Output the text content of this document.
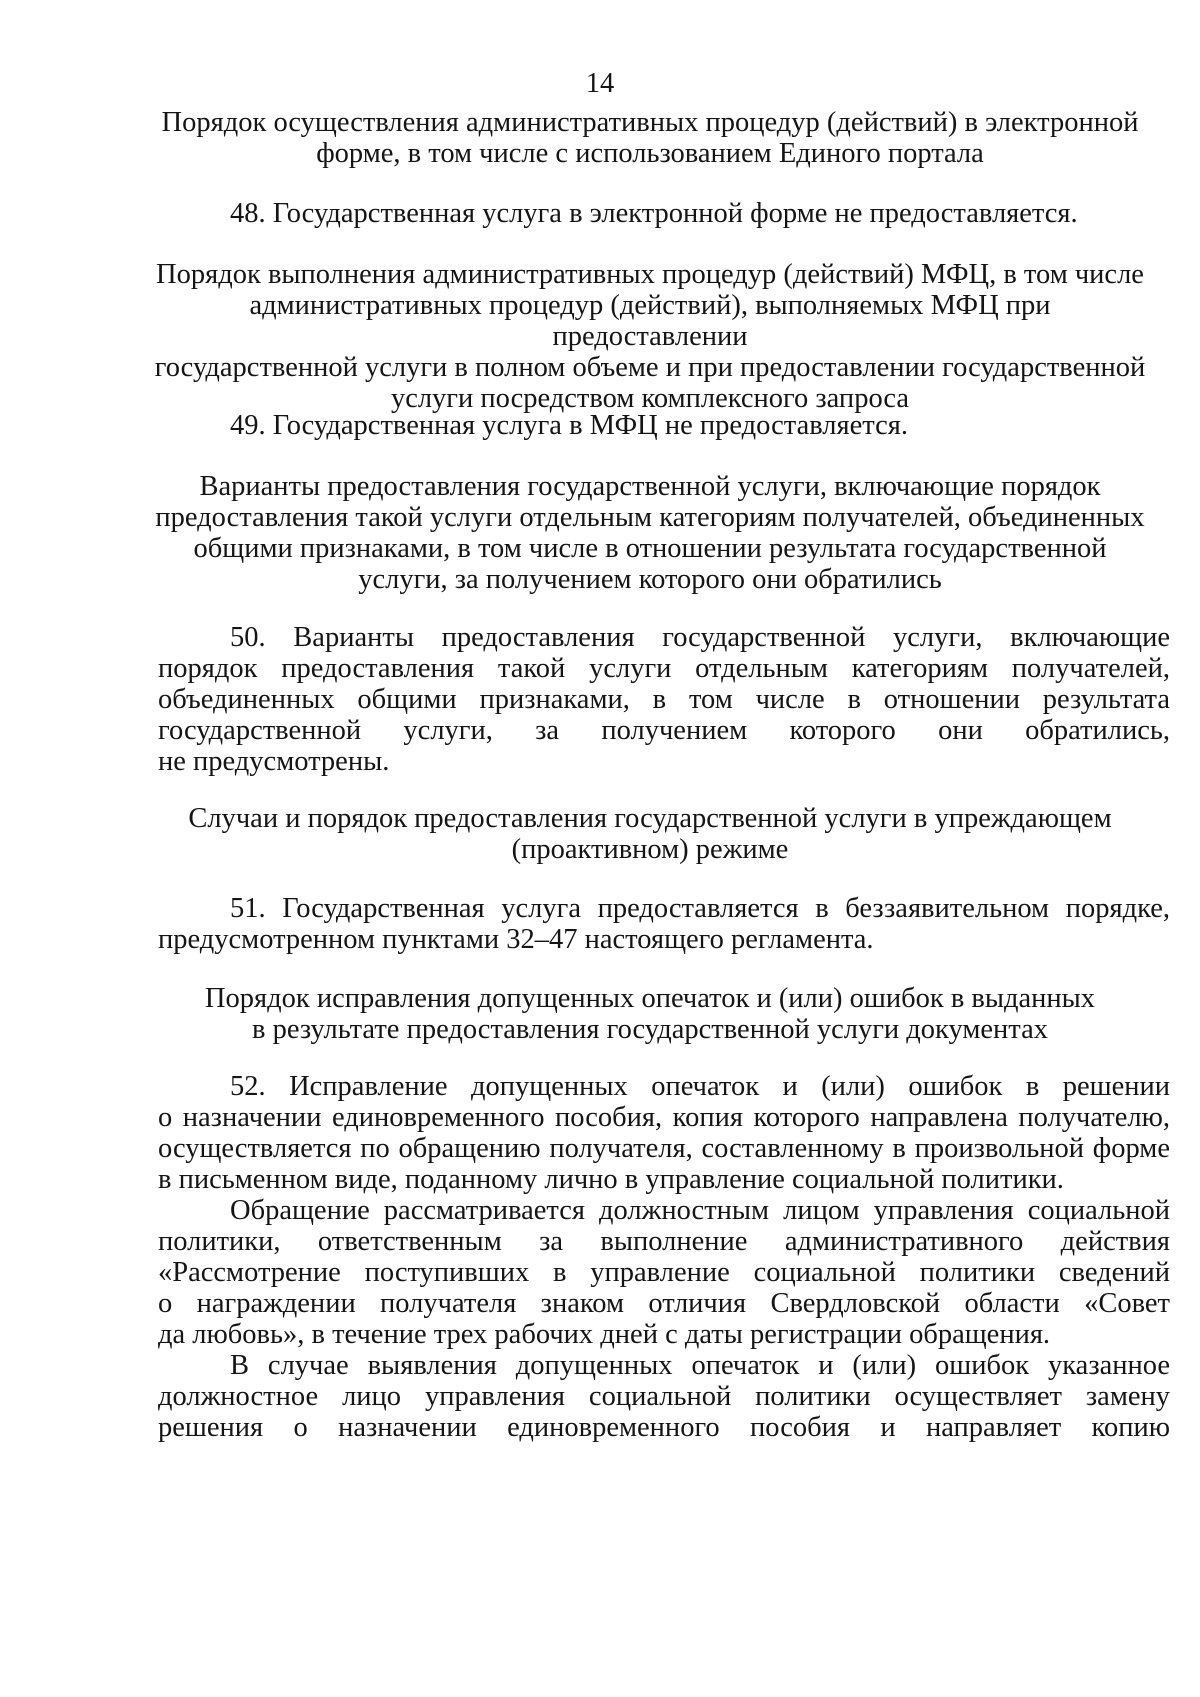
14
Порядок осуществления административных процедур (действий) в электронной
форме, в том числе с использованием Единого портала
48. Государственная услуга в электронной форме не предоставляется.
Порядок выполнения административных процедур (действий) МФЦ, в том числе
административных процедур (действий), выполняемых МФЦ при предоставлении
государственной услуги в полном объеме и при предоставлении государственной
услуги посредством комплексного запроса
49. Государственная услуга в МФЦ не предоставляется.
Варианты предоставления государственной услуги, включающие порядок
предоставления такой услуги отдельным категориям получателей, объединенных
общими признаками, в том числе в отношении результата государственной
услуги, за получением которого они обратились
50. Варианты предоставления государственной услуги, включающие
порядок предоставления такой услуги отдельным категориям получателей,
объединенных общими признаками, в том числе в отношении результата
государственной услуги, за получением которого они обратились,
не предусмотрены.
Случаи и порядок предоставления государственной услуги в упреждающем
(проактивном) режиме
51. Государственная услуга предоставляется в беззаявительном порядке,
предусмотренном пунктами 32–47 настоящего регламента.
Порядок исправления допущенных опечаток и (или) ошибок в выданных
в результате предоставления государственной услуги документах
52. Исправление допущенных опечаток и (или) ошибок в решении
о назначении единовременного пособия, копия которого направлена получателю,
осуществляется по обращению получателя, составленному в произвольной форме
в письменном виде, поданному лично в управление социальной политики.
Обращение рассматривается должностным лицом управления социальной
политики, ответственным за выполнение административного действия
«Рассмотрение поступивших в управление социальной политики сведений
о награждении получателя знаком отличия Свердловской области «Совет
да любовь», в течение трех рабочих дней с даты регистрации обращения.
В случае выявления допущенных опечаток и (или) ошибок указанное
должностное лицо управления социальной политики осуществляет замену
решения о назначении единовременного пособия и направляет копию
